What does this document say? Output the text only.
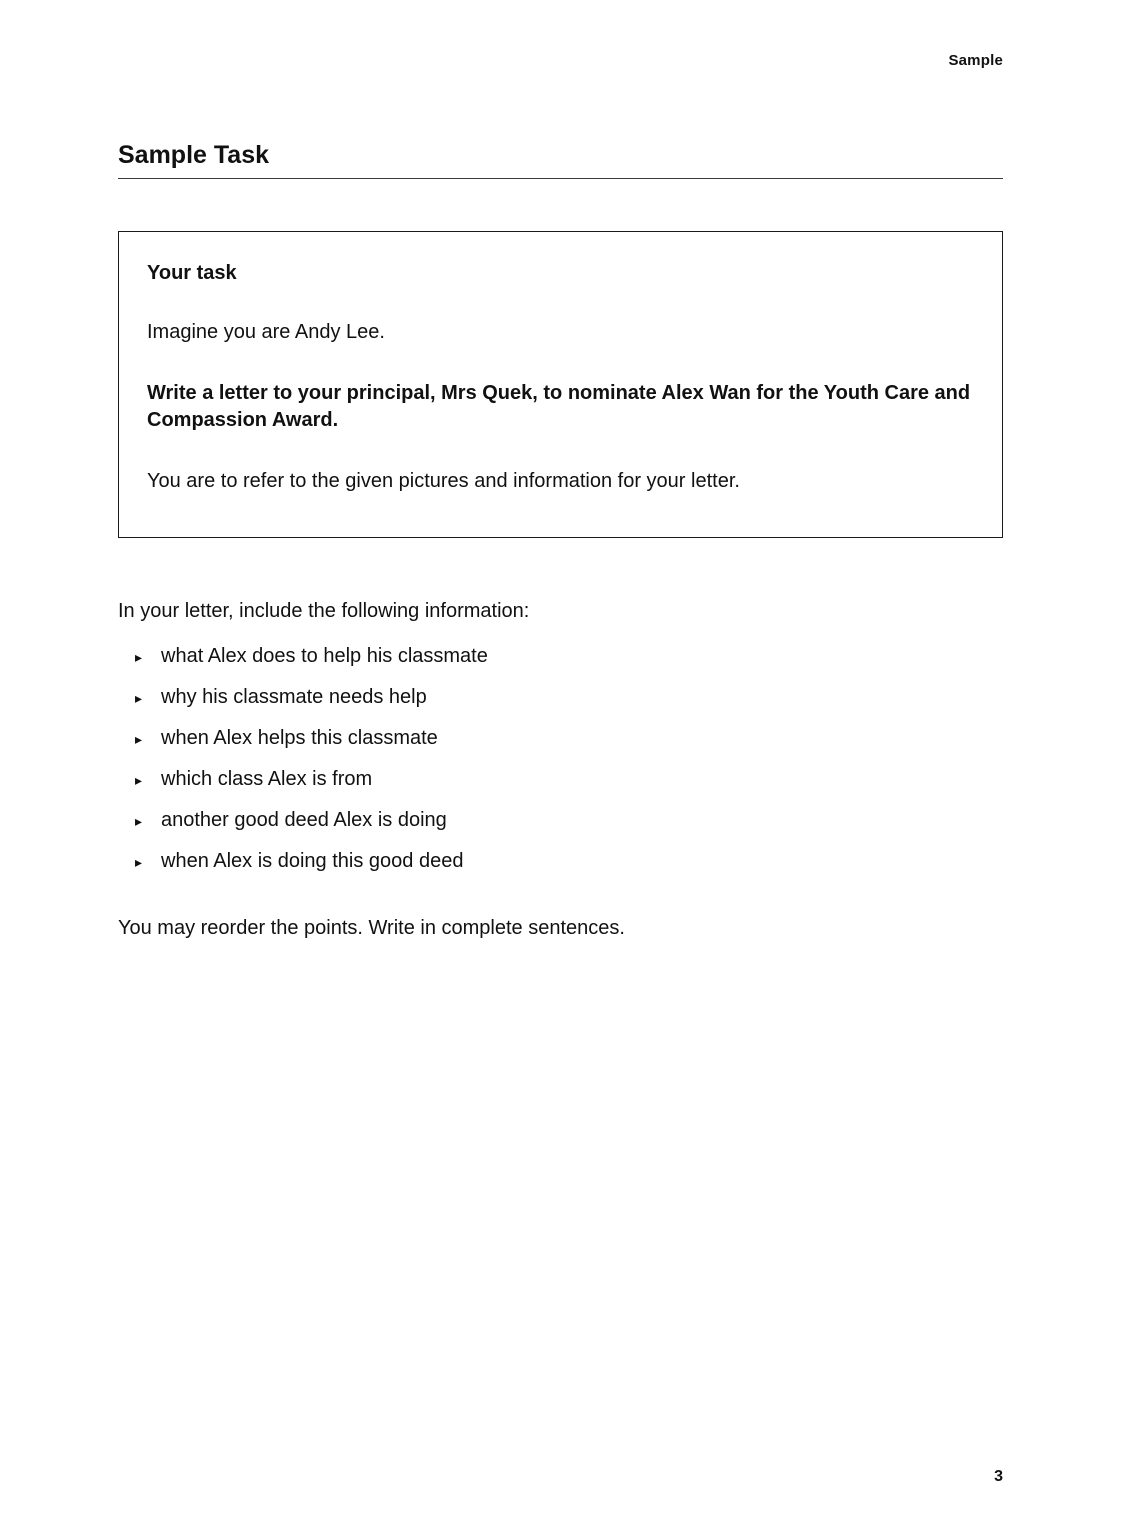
Sample
Sample Task
Your task

Imagine you are Andy Lee.

Write a letter to your principal, Mrs Quek, to nominate Alex Wan for the Youth Care and Compassion Award.

You are to refer to the given pictures and information for your letter.

In your letter, include the following information:
▸ what Alex does to help his classmate
▸ why his classmate needs help
▸ when Alex helps this classmate
▸ which class Alex is from
▸ another good deed Alex is doing
▸ when Alex is doing this good deed
You may reorder the points. Write in complete sentences.
3
